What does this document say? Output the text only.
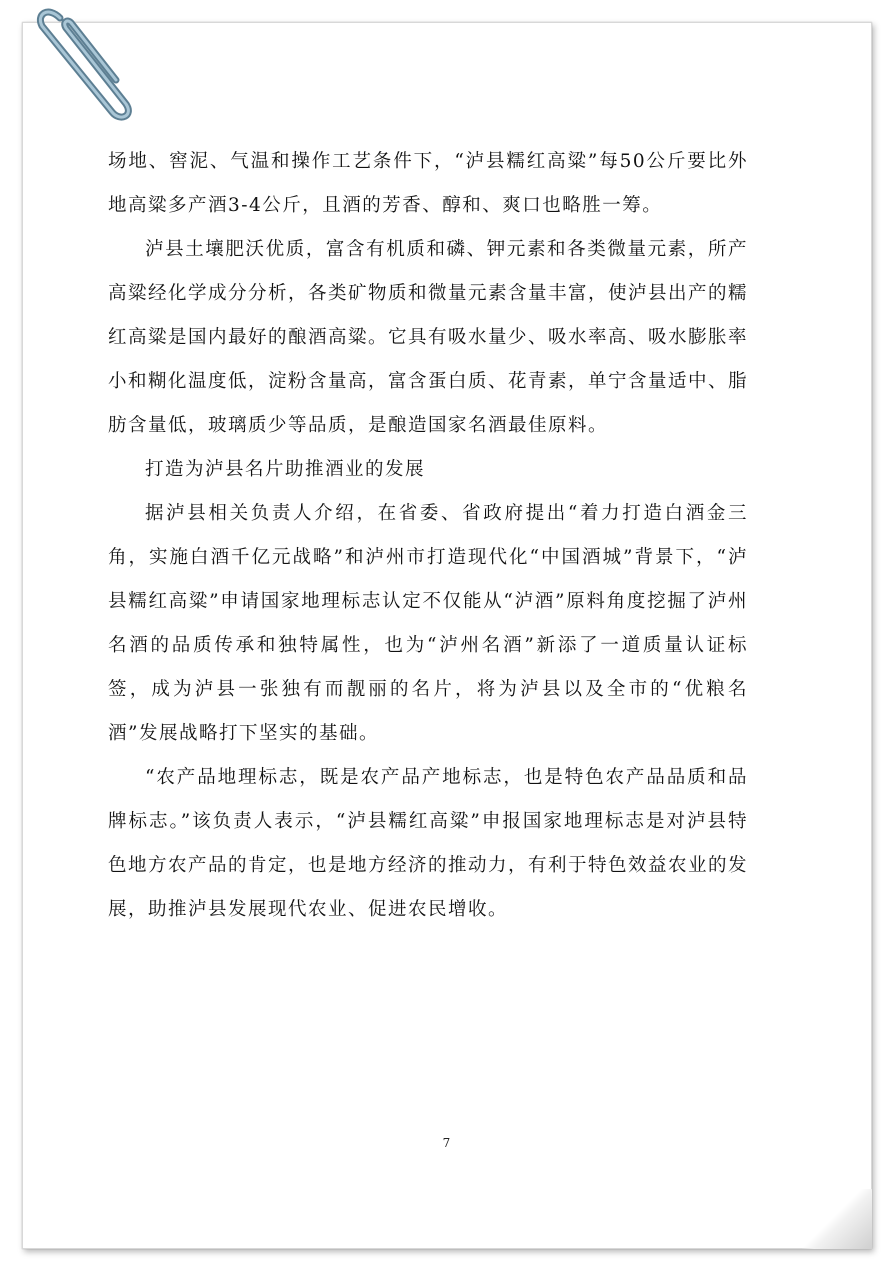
场地、窖泥、气温和操作工艺条件下，“泸县糯红高粱”每50公斤要比外地高粱多产酒3-4公斤，且酒的芳香、醇和、爽口也略胜一筹。

泸县土壤肥沃优质，富含有机质和磷、钾元素和各类微量元素，所产高粱经化学成分分析，各类矿物质和微量元素含量丰富，使泸县出产的糯红高粱是国内最好的酿酒高粱。它具有吸水量少、吸水率高、吸水膨胀率小和糊化温度低，淀粉含量高，富含蛋白质、花青素，单宁含量适中、脂肪含量低，玻璃质少等品质，是酿造国家名酒最佳原料。

打造为泸县名片助推酒业的发展

据泸县相关负责人介绍，在省委、省政府提出“着力打造白酒金三角，实施白酒千亿元战略”和泸州市打造现代化“中国酒城”背景下，“泸县糯红高粱”申请国家地理标志认定不仅能从“泸酒”原料角度挖掘了泸州名酒的品质传承和独特属性，也为“泸州名酒”新添了一道质量认证标签，成为泸县一张独有而靓丽的名片，将为泸县以及全市的“优粮名酒”发展战略打下坚实的基础。

“农产品地理标志，既是农产品产地标志，也是特色农产品品质和品牌标志。”该负责人表示，“泸县糯红高粱”申报国家地理标志是对泸县特色地方农产品的肯定，也是地方经济的推动力，有利于特色效益农业的发展，助推泸县发展现代农业、促进农民增收。

7
